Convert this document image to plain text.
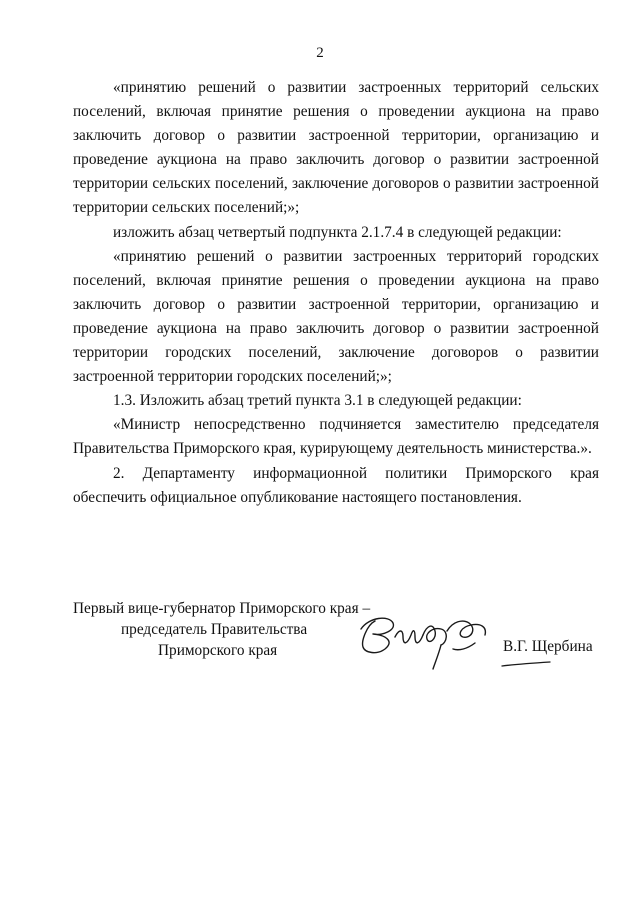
2

«принятию решений о развитии застроенных территорий сельских поселений, включая принятие решения о проведении аукциона на право заключить договор о развитии застроенной территории, организацию и проведение аукциона на право заключить договор о развитии застроенной территории сельских поселений, заключение договоров о развитии застроенной территории сельских поселений;»;

изложить абзац четвертый подпункта 2.1.7.4 в следующей редакции:

«принятию решений о развитии застроенных территорий городских поселений, включая принятие решения о проведении аукциона на право заключить договор о развитии застроенной территории, организацию и проведение аукциона на право заключить договор о развитии застроенной территории городских поселений, заключение договоров о развитии застроенной территории городских поселений;»;

1.3. Изложить абзац третий пункта 3.1 в следующей редакции:

«Министр непосредственно подчиняется заместителю председателя Правительства Приморского края, курирующему деятельность министерства.».

2. Департаменту информационной политики Приморского края обеспечить официальное опубликование настоящего постановления.

Первый вице-губернатор Приморского края –
председатель Правительства
Приморского края	В.Г. Щербина
